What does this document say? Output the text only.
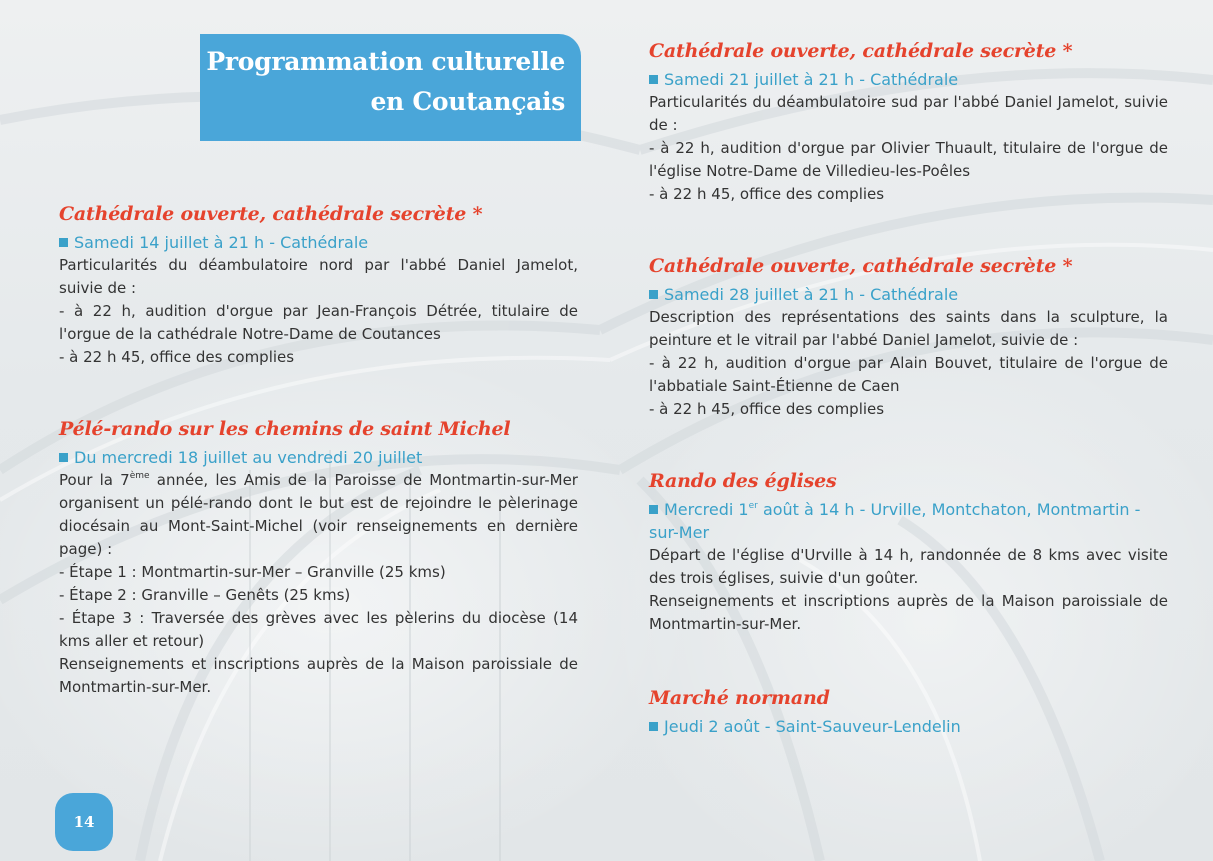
Programmation culturelle
en Coutançais
Cathédrale ouverte, cathédrale secrète *
Samedi 14 juillet à 21 h - Cathédrale
Particularités du déambulatoire nord par l'abbé Daniel Jamelot, suivie de :
- à 22 h, audition d'orgue par Jean-François Détrée, titulaire de l'orgue de la cathédrale Notre-Dame de Coutances
- à 22 h 45, office des complies
Pélé-rando sur les chemins de saint Michel
Du mercredi 18 juillet au vendredi 20 juillet
Pour la 7ème année, les Amis de la Paroisse de Montmartin-sur-Mer organisent un pélé-rando dont le but est de rejoindre le pèlerinage diocésain au Mont-Saint-Michel (voir renseignements en dernière page) :
- Étape 1 : Montmartin-sur-Mer – Granville (25 kms)
- Étape 2 : Granville – Genêts (25 kms)
- Étape 3 : Traversée des grèves avec les pèlerins du diocèse (14 kms aller et retour)
Renseignements et inscriptions auprès de la Maison paroissiale de Montmartin-sur-Mer.
Cathédrale ouverte, cathédrale secrète *
Samedi 21 juillet à 21 h - Cathédrale
Particularités du déambulatoire sud par l'abbé Daniel Jamelot, suivie de :
- à 22 h, audition d'orgue par Olivier Thuault, titulaire de l'orgue de l'église Notre-Dame de Villedieu-les-Poêles
- à 22 h 45, office des complies
Cathédrale ouverte, cathédrale secrète *
Samedi 28 juillet à 21 h - Cathédrale
Description des représentations des saints dans la sculpture, la peinture et le vitrail par l'abbé Daniel Jamelot, suivie de :
- à 22 h, audition d'orgue par Alain Bouvet, titulaire de l'orgue de l'abbatiale Saint-Étienne de Caen
- à 22 h 45, office des complies
Rando des églises
Mercredi 1er août à 14 h - Urville, Montchaton, Montmartin -sur-Mer
Départ de l'église d'Urville à 14 h, randonnée de 8 kms avec visite des trois églises, suivie d'un goûter.
Renseignements et inscriptions auprès de la Maison paroissiale de Montmartin-sur-Mer.
Marché normand
Jeudi 2 août - Saint-Sauveur-Lendelin
14
